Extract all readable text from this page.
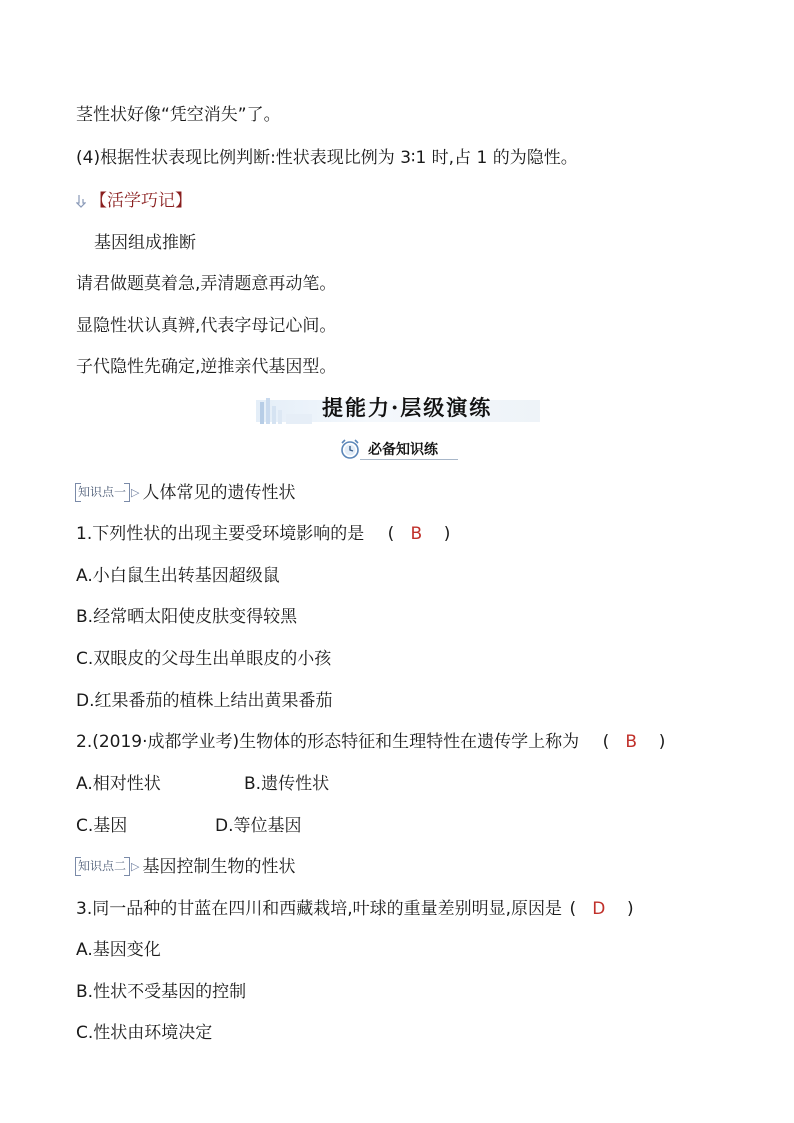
茎性状好像“凭空消失”了。
(4)根据性状表现比例判断:性状表现比例为 3∶1 时,占 1 的为隐性。
【活学巧记】
基因组成推断
请君做题莫着急,弄清题意再动笔。
显隐性状认真辨,代表字母记心间。
子代隐性先确定,逆推亲代基因型。
提能力·层级演练
必备知识练
知识点一 ▷ 人体常见的遗传性状
1.下列性状的出现主要受环境影响的是 (   B    )
A.小白鼠生出转基因超级鼠
B.经常晒太阳使皮肤变得较黑
C.双眼皮的父母生出单眼皮的小孩
D.红果番茄的植株上结出黄果番茄
2.(2019·成都学业考)生物体的形态特征和生理特性在遗传学上称为 (   B    )
A.相对性状	B.遗传性状
C.基因	D.等位基因
知识点二 ▷ 基因控制生物的性状
3.同一品种的甘蓝在四川和西藏栽培,叶球的重量差别明显,原因是 (   D    )
A.基因变化
B.性状不受基因的控制
C.性状由环境决定
